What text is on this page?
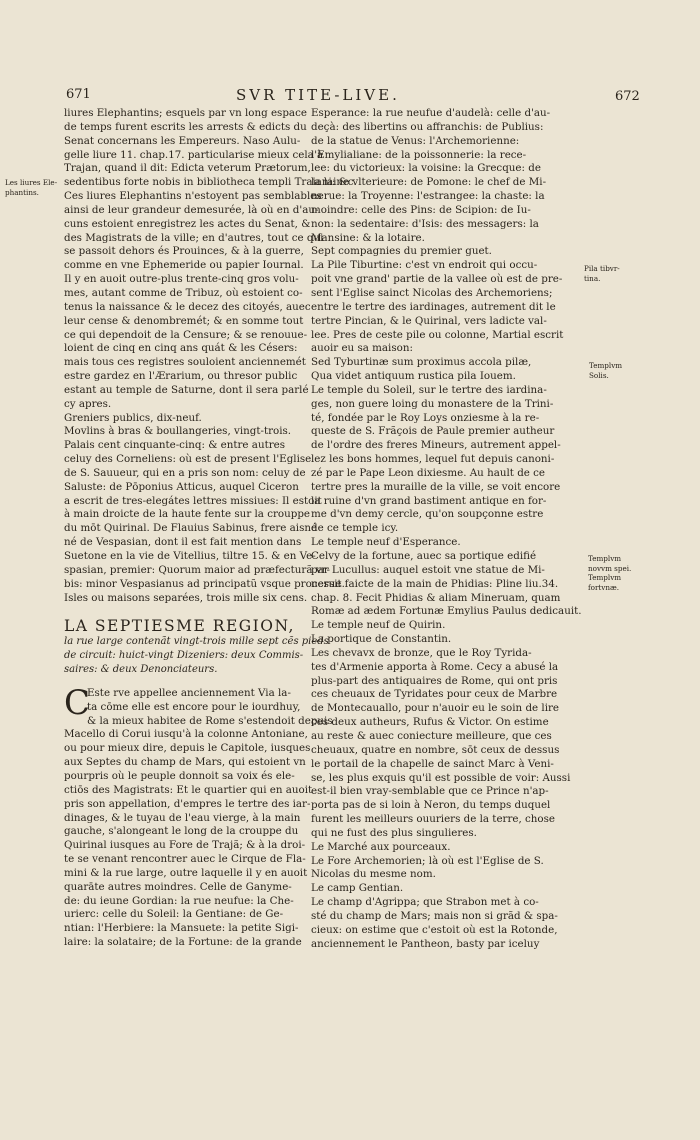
671	SVR TITE-LIVE.	672

liures Elephantins; esquels par vn long espace

de temps furent escrits les arrests & edicts du

Senat concernans les Empereurs. Naso Aulu-

gelle liure 11. chap.17. particularise mieux cela à

Trajan, quand il dit: Edicta veterum Prætorum,

sedentibus forte nobis in bibliotheca templi Traiani: &c.

Ces liures Elephantins n'estoyent pas semblables

ainsi de leur grandeur demesurée, là où en d'au-

cuns estoient enregistrez les actes du Senat, &

des Magistrats de la ville; en d'autres, tout ce qui

se passoit dehors és Prouinces, & à la guerre,

comme en vne Ephemeride ou papier Iournal.

Il y en auoit outre-plus trente-cinq gros volu-

mes, autant comme de Tribuz, où estoient co-

tenus la naissance & le decez des citoyés, auec

leur cense & denombremét; & en somme tout

ce qui dependoit de la Censure; & se renouue-

loient de cinq en cinq ans quát & les Césers:

mais tous ces registres souloient anciennemét

estre gardez en l'Ærarium, ou thresor public

estant au temple de Saturne, dont il sera parlé

cy apres.

Greniers publics, dix-neuf.

Movlins à bras & boullangeries, vingt-trois.

Palais cent cinquante-cinq: & entre autres

celuy des Corneliens: où est de present l'Eglise

de S. Sauueur, qui en a pris son nom: celuy de

Saluste: de Pōponius Atticus, auquel Ciceron

a escrit de tres-elegátes lettres missiues: Il estoit

à main droicte de la haute fente sur la crouppe

du mōt Quirinal. De Flauius Sabinus, frere aisné

né de Vespasian, dont il est fait mention dans

Suetone en la vie de Vitellius, tiltre 15. & en Ve-

spasian, premier: Quorum maior ad præfecturã vr-

bis: minor Vespasianus ad principatũ vsque processit.

Isles ou maisons separées, trois mille six cens.

LA SEPTIESME REGION,

la rue large contenãt vingt-trois mille sept cẽs pieds

de circuit: huict-vingt Dizeniers: deux Commis-

saires: & deux Denonciateurs.

C

Este rve appellee anciennement Via la-

ta cōme elle est encore pour le iourdhuy,

& la mieux habitee de Rome s'estendoit depuis

Macello di Corui iusqu'à la colonne Antoniane,

ou pour mieux dire, depuis le Capitole, iusques

aux Septes du champ de Mars, qui estoient vn

pourpris où le peuple donnoit sa voix és ele-

ctiōs des Magistrats: Et le quartier qui en auoit

pris son appellation, d'empres le tertre des iar-

dinages, & le tuyau de l'eau vierge, à la main

gauche, s'alongeant le long de la crouppe du

Quirinal iusques au Fore de Trajã; & à la droi-

te se venant rencontrer auec le Cirque de Fla-

mini & la rue large, outre laquelle il y en auoit

quarāte autres moindres. Celle de Ganyme-

de: du ieune Gordian: la rue neufue: la Che-

urierc: celle du Soleil: la Gentiane: de Ge-

ntian: l'Herbiere: la Mansuete: la petite Sigi-

laire: la solataire; de la Fortune: de la grande

Esperance: la rue neufue d'audelà: celle d'au-

deçà: des libertins ou affranchis: de Publius:

de la statue de Venus: l'Archemorienne:

l'Emylialiane: de la poissonnerie: la rece-

lee: du victorieux: la voisine: la Grecque: de

la laine vlterieure: de Pomone: le chef de Mi-

nerue: la Troyenne: l'estrangee: la chaste: la

moindre: celle des Pins: de Scipion: de Iu-

non: la sedentaire: d'Isis: des messagers: la

Mansine: & la lotaire.

Sept compagnies du premier guet.

La Pile Tiburtine: c'est vn endroit qui occu-

poit vne grand' partie de la vallee où est de pre-

sent l'Eglise sainct Nicolas des Archemoriens;

entre le tertre des iardinages, autrement dit le

tertre Pincian, & le Quirinal, vers ladicte val-

lee. Pres de ceste pile ou colonne, Martial escrit

auoir eu sa maison:

Sed Tyburtinæ sum proximus accola pilæ,

Qua videt antiquum rustica pila Iouem.

Le temple du Soleil, sur le tertre des iardina-

ges, non guere loing du monastere de la Trini-

té, fondée par le Roy Loys onziesme à la re-

queste de S. Frãçois de Paule premier autheur

de l'ordre des freres Mineurs, autrement appel-

lez les bons hommes, lequel fut depuis canoni-

zé par le Pape Leon dixiesme. Au hault de ce

tertre pres la muraille de la ville, se voit encore

la ruine d'vn grand bastiment antique en for-

me d'vn demy cercle, qu'on soupçonne estre

de ce temple icy.

Le temple neuf d'Esperance.

Celvy de la fortune, auec sa portique edifié

par Lucullus: auquel estoit vne statue de Mi-

nerue faicte de la main de Phidias: Pline liu.34.

chap. 8. Fecit Phidias & aliam Mineruam, quam

Romæ ad ædem Fortunæ Emylius Paulus dedicauit.

Le temple neuf de Quirin.

La portique de Constantin.

Les chevavx de bronze, que le Roy Tyrida-

tes d'Armenie apporta à Rome. Cecy a abusé la

plus-part des antiquaires de Rome, qui ont pris

ces cheuaux de Tyridates pour ceux de Marbre

de Montecauallo, pour n'auoir eu le soin de lire

ces deux autheurs, Rufus & Victor. On estime

au reste & auec coniecture meilleure, que ces

cheuaux, quatre en nombre, sōt ceux de dessus

le portail de la chapelle de sainct Marc à Veni-

se, les plus exquis qu'il est possible de voir: Aussi

est-il bien vray-semblable que ce Prince n'ap-

porta pas de si loin à Neron, du temps duquel

furent les meilleurs ouuriers de la terre, chose

qui ne fust des plus singulieres.

Le Marché aux pourceaux.

Le Fore Archemorien; là où est l'Eglise de S.

Nicolas du mesme nom.

Le camp Gentian.

Le champ d'Agrippa; que Strabon met à co-

sté du champ de Mars; mais non si grãd & spa-

cieux: on estime que c'estoit où est la Rotonde,

anciennement le Pantheon, basty par iceluy

Les liures Ele-
phantins.
Pila tibvr-
tina.
Templvm
Solis.
Templvm
novvm spei.
Templvm
fortvnæ.
